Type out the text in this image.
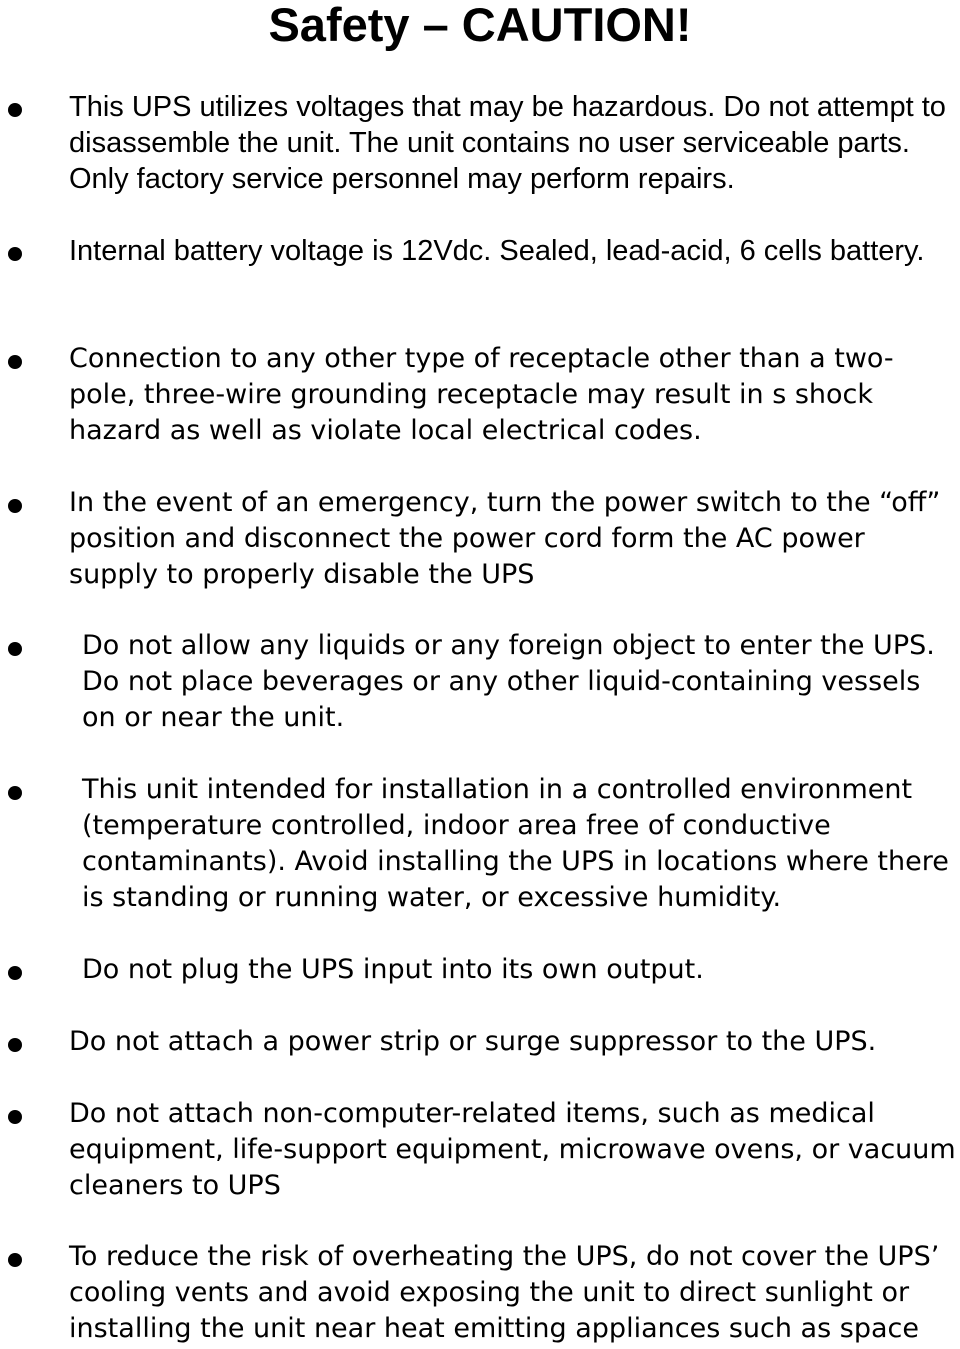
Safety – CAUTION!

This UPS utilizes voltages that may be hazardous. Do not attempt to disassemble the unit. The unit contains no user serviceable parts. Only factory service personnel may perform repairs.

Internal battery voltage is 12Vdc. Sealed, lead-acid, 6 cells battery.

Connection to any other type of receptacle other than a two-pole, three-wire grounding receptacle may result in s shock hazard as well as violate local electrical codes.

In the event of an emergency, turn the power switch to the “off” position and disconnect the power cord form the AC power supply to properly disable the UPS

Do not allow any liquids or any foreign object to enter the UPS. Do not place beverages or any other liquid-containing vessels on or near the unit.

This unit intended for installation in a controlled environment (temperature controlled, indoor area free of conductive contaminants). Avoid installing the UPS in locations where there is standing or running water, or excessive humidity.

Do not plug the UPS input into its own output.

Do not attach a power strip or surge suppressor to the UPS.

Do not attach non-computer-related items, such as medical equipment, life-support equipment, microwave ovens, or vacuum cleaners to UPS

To reduce the risk of overheating the UPS, do not cover the UPS’ cooling vents and avoid exposing the unit to direct sunlight or installing the unit near heat emitting appliances such as space
